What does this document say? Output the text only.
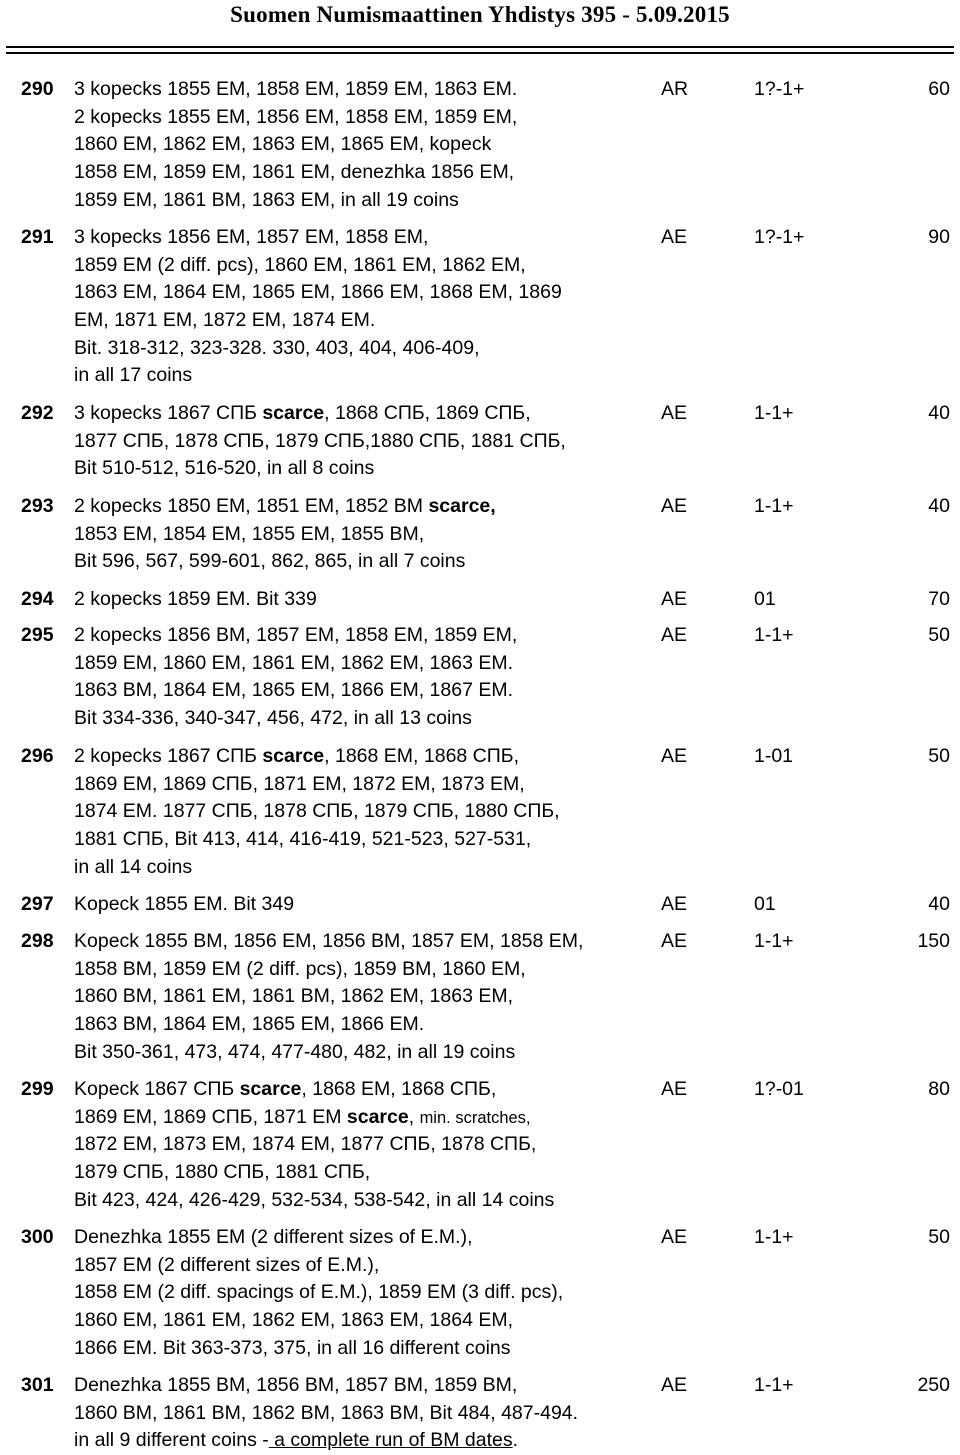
Suomen Numismaattinen Yhdistys 395 - 5.09.2015
290 3 kopecks 1855 EM, 1858 EM, 1859 EM, 1863 EM.
2 kopecks 1855 EM, 1856 EM, 1858 EM, 1859 EM,
1860 EM, 1862 EM, 1863 EM, 1865 EM, kopeck
1858 EM, 1859 EM, 1861 EM, denezhka 1856 EM,
1859 EM, 1861 BM, 1863 EM, in all 19 coins
AR	1?-1+	60
291 3 kopecks 1856 EM, 1857 EM, 1858 EM,
1859 EM (2 diff. pcs), 1860 EM, 1861 EM, 1862 EM,
1863 EM, 1864 EM, 1865 EM, 1866 EM, 1868 EM, 1869
EM, 1871 EM, 1872 EM, 1874 EM.
Bit. 318-312, 323-328. 330, 403, 404, 406-409,
in all 17 coins
AE	1?-1+	90
292 3 kopecks 1867 СПБ scarce, 1868 СПБ, 1869 СПБ,
1877 СПБ, 1878 СПБ, 1879 СПБ,1880 СПБ, 1881 СПБ,
Bit 510-512, 516-520, in all 8 coins
AE	1-1+	40
293 2 kopecks 1850 EM, 1851 EM, 1852 BM scarce,
1853 EM, 1854 EM, 1855 EM, 1855 BM,
Bit 596, 567, 599-601, 862, 865, in all 7 coins
AE	1-1+	40
294 2 kopecks 1859 EM. Bit 339	AE	01	70
295 2 kopecks 1856 BM, 1857 EM, 1858 EM, 1859 EM,
1859 EM, 1860 EM, 1861 EM, 1862 EM, 1863 EM.
1863 BM, 1864 EM, 1865 EM, 1866 EM, 1867 EM.
Bit 334-336, 340-347, 456, 472, in all 13 coins
AE	1-1+	50
296 2 kopecks 1867 СПБ scarce, 1868 EM, 1868 СПБ,
1869 EM, 1869 СПБ, 1871 EM, 1872 EM, 1873 EM,
1874 EM. 1877 СПБ, 1878 СПБ, 1879 СПБ, 1880 СПБ,
1881 СПБ, Bit 413, 414, 416-419, 521-523, 527-531,
in all 14 coins
AE	1-01	50
297 Kopeck 1855 EM. Bit 349	AE	01	40
298 Kopeck 1855 BM, 1856 EM, 1856 BM, 1857 EM, 1858 EM,
1858 BM, 1859 EM (2 diff. pcs), 1859 BM, 1860 EM,
1860 BM, 1861 EM, 1861 BM, 1862 EM, 1863 EM,
1863 BM, 1864 EM, 1865 EM, 1866 EM.
Bit 350-361, 473, 474, 477-480, 482, in all 19 coins
AE	1-1+	150
299 Kopeck 1867 СПБ scarce, 1868 EM, 1868 СПБ,
1869 EM, 1869 СПБ, 1871 EM scarce, min. scratches,
1872 EM, 1873 EM, 1874 EM, 1877 СПБ, 1878 СПБ,
1879 СПБ, 1880 СПБ, 1881 СПБ,
Bit 423, 424, 426-429, 532-534, 538-542, in all 14 coins
AE	1?-01	80
300 Denezhka 1855 EM (2 different sizes of E.M.),
1857 EM (2 different sizes of E.M.),
1858 EM (2 diff. spacings of E.M.), 1859 EM (3 diff. pcs),
1860 EM, 1861 EM, 1862 EM, 1863 EM, 1864 EM,
1866 EM. Bit 363-373, 375, in all 16 different coins
AE	1-1+	50
301 Denezhka 1855 BM, 1856 BM, 1857 BM, 1859 BM,
1860 BM, 1861 BM, 1862 BM, 1863 BM, Bit 484, 487-494.
in all 9 different coins - a complete run of BM dates.
AE	1-1+	250
